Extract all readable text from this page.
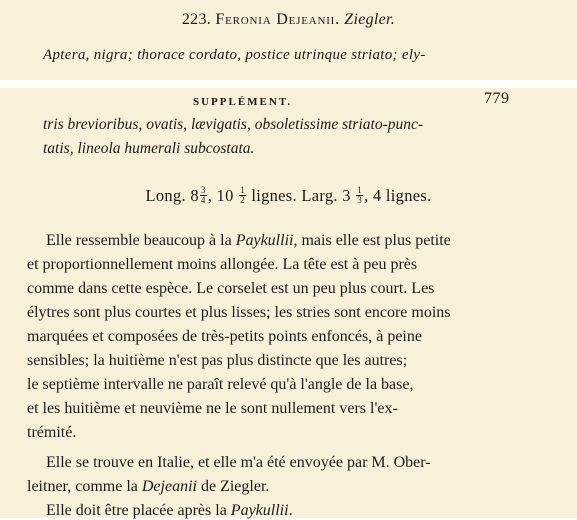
223. Feronia Dejeanii. Ziegler.
Aptera, nigra; thorace cordato, postice utrinque striato; ely-
SUPPLÉMENT.	779
tris brevioribus, ovatis, lævigatis, obsoletissime striato-punc-
tatis, lineola humerali subcostata.
Long. $8 \frac{3}{4}$ , $10 \frac{1}{2}$ lignes. Larg. $3 \frac{1}{3}$ , 4 lignes.
Elle ressemble beaucoup à la Paykullii, mais elle est plus petite
et proportionnellement moins allongée. La tête est à peu près
comme dans cette espèce. Le corselet est un peu plus court. Les
élytres sont plus courtes et plus lisses; les stries sont encore moins
marquées et composées de très-petits points enfoncés, à peine
sensibles; la huitième n'est pas plus distincte que les autres;
le septième intervalle ne paraît relevé qu'à l'angle de la base,
et les huitième et neuvième ne le sont nullement vers l'ex-
trémité.
Elle se trouve en Italie, et elle m'a été envoyée par M. Ober-
leitner, comme la Dejeanii de Ziegler.
Elle doit être placée après la Paykullii.
